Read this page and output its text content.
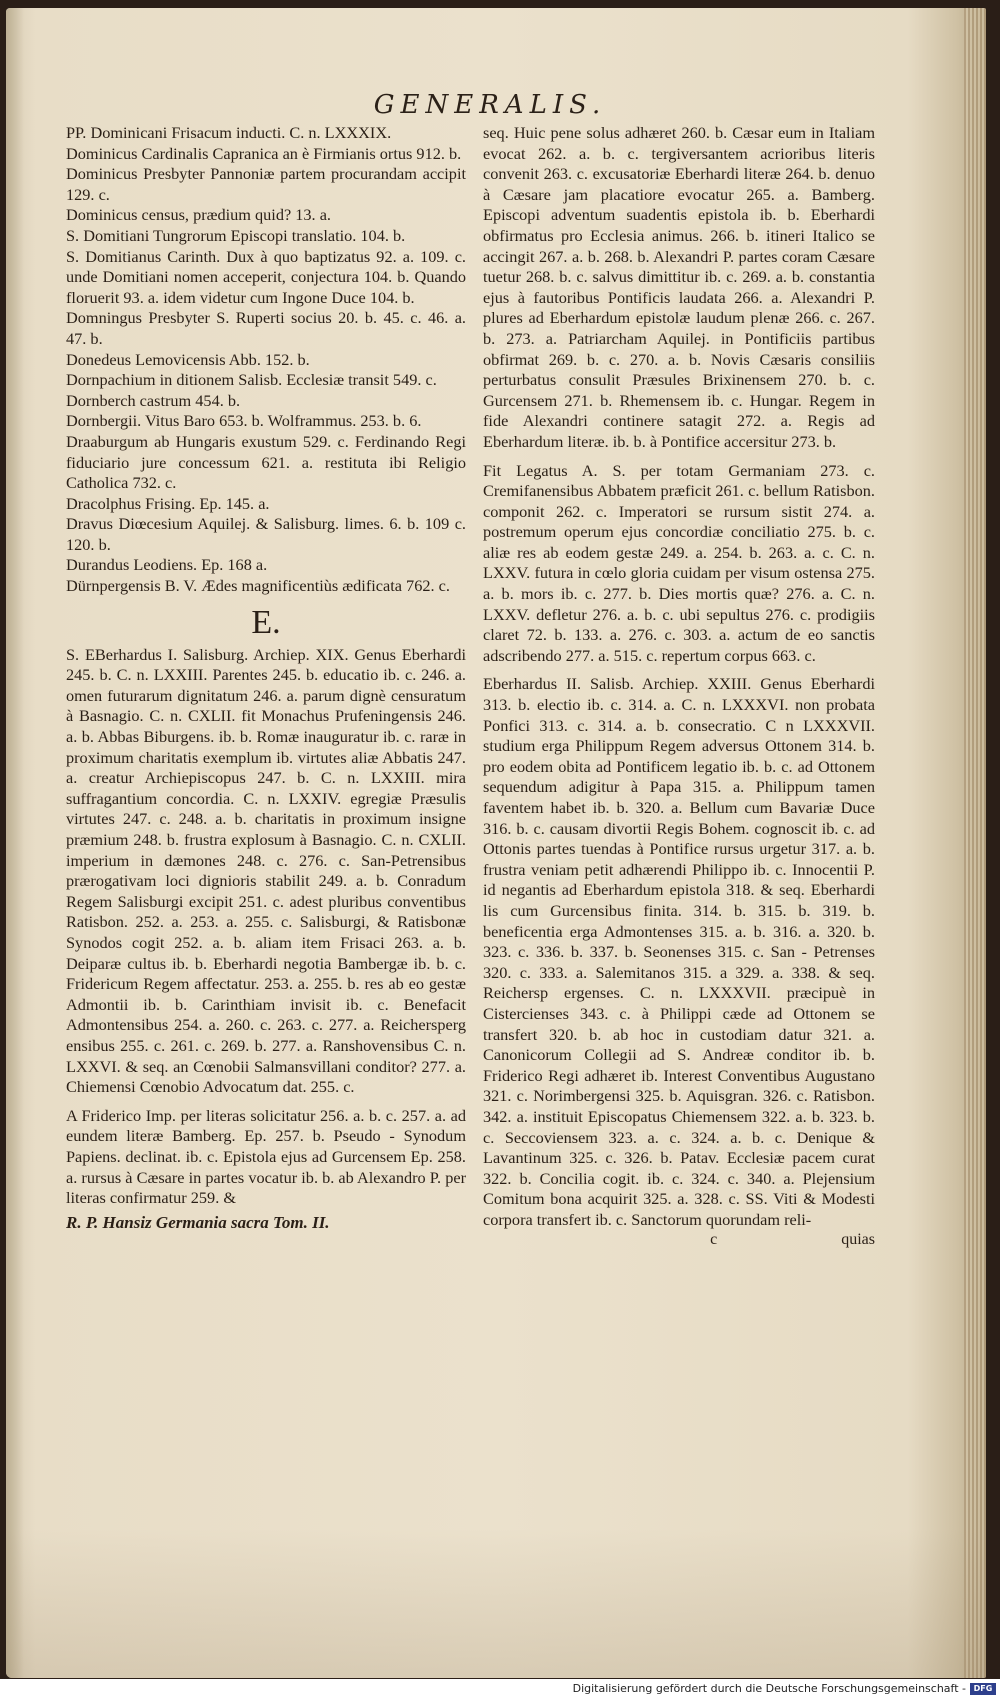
GENERALIS.

PP. Dominicani Frisacum inducti. C. n. LXXXIX.

Dominicus Cardinalis Capranica an è Firmianis ortus 912. b.

Dominicus Presbyter Pannoniæ partem procurandam accipit 129. c.

Dominicus census, prædium quid? 13. a.

S. Domitiani Tungrorum Episcopi translatio. 104. b.

S. Domitianus Carinth. Dux à quo baptizatus 92. a. 109. c. unde Domitiani nomen acceperit, conjectura 104. b. Quando floruerit 93. a. idem videtur cum Ingone Duce 104. b.

Domningus Presbyter S. Ruperti socius 20. b. 45. c. 46. a. 47. b.

Donedeus Lemovicensis Abb. 152. b.

Dornpachium in ditionem Salisb. Ecclesiæ transit 549. c.

Dornberch castrum 454. b.

Dornbergii. Vitus Baro 653. b. Wolframmus. 253. b. 6.

Draaburgum ab Hungaris exustum 529. c. Ferdinando Regi fiduciario jure concessum 621. a. restituta ibi Religio Catholica 732. c.

Dracolphus Frising. Ep. 145. a.

Dravus Diœcesium Aquilej. & Salisburg. limes. 6. b. 109 c. 120. b.

Durandus Leodiens. Ep. 168 a.

Dürnpergensis B. V. Ædes magnificentiùs ædificata 762. c.

E.

S. EBerhardus I. Salisburg. Archiep. XIX. Genus Eberhardi 245. b. C. n. LXXIII. Parentes 245. b. educatio ib. c. 246. a. omen futurarum dignitatum 246. a. parum dignè censuratum à Basnagio. C. n. CXLII. fit Monachus Prufeningensis 246. a. b. Abbas Biburgens. ib. b. Romæ inauguratur ib. c. raræ in proximum charitatis exemplum ib. virtutes aliæ Abbatis 247. a. creatur Archiepiscopus 247. b. C. n. LXXIII. mira suffragantium concordia. C. n. LXXIV. egregiæ Præsulis virtutes 247. c. 248. a. b. charitatis in proximum insigne præmium 248. b. frustra explosum à Basnagio. C. n. CXLII. imperium in dæmones 248. c. 276. c. San-Petrensibus prærogativam loci dignioris stabilit 249. a. b. Conradum Regem Salisburgi excipit 251. c. adest pluribus conventibus Ratisbon. 252. a. 253. a. 255. c. Salisburgi, & Ratisbonæ Synodos cogit 252. a. b. aliam item Frisaci 263. a. b. Deiparæ cultus ib. b. Eberhardi negotia Bambergæ ib. b. c. Fridericum Regem affectatur. 253. a. 255. b. res ab eo gestæ Admontii ib. b. Carinthiam invisit ib. c. Benefacit Admontensibus 254. a. 260. c. 263. c. 277. a. Reichersperg ensibus 255. c. 261. c. 269. b. 277. a. Ranshovensibus C. n. LXXVI. & seq. an Cœnobii Salmansvillani conditor? 277. a. Chiemensi Cœnobio Advocatum dat. 255. c.

A Friderico Imp. per literas solicitatur 256. a. b. c. 257. a. ad eundem literæ Bamberg. Ep. 257. b. Pseudo - Synodum Papiens. declinat. ib. c. Epistola ejus ad Gurcensem Ep. 258. a. rursus à Cæsare in partes vocatur ib. b. ab Alexandro P. per literas confirmatur 259. &

R. P. Hansiz Germania sacra Tom. II.

seq. Huic pene solus adhæret 260. b. Cæsar eum in Italiam evocat 262. a. b. c. tergiversantem acrioribus literis convenit 263. c. excusatoriæ Eberhardi literæ 264. b. denuo à Cæsare jam placatiore evocatur 265. a. Bamberg. Episcopi adventum suadentis epistola ib. b. Eberhardi obfirmatus pro Ecclesia animus. 266. b. itineri Italico se accingit 267. a. b. 268. b. Alexandri P. partes coram Cæsare tuetur 268. b. c. salvus dimittitur ib. c. 269. a. b. constantia ejus à fautoribus Pontificis laudata 266. a. Alexandri P. plures ad Eberhardum epistolæ laudum plenæ 266. c. 267. b. 273. a. Patriarcham Aquilej. in Pontificiis partibus obfirmat 269. b. c. 270. a. b. Novis Cæsaris consiliis perturbatus consulit Præsules Brixinensem 270. b. c. Gurcensem 271. b. Rhemensem ib. c. Hungar. Regem in fide Alexandri continere satagit 272. a. Regis ad Eberhardum literæ. ib. b. à Pontifice accersitur 273. b.

Fit Legatus A. S. per totam Germaniam 273. c. Cremifanensibus Abbatem præficit 261. c. bellum Ratisbon. componit 262. c. Imperatori se rursum sistit 274. a. postremum operum ejus concordiæ conciliatio 275. b. c. aliæ res ab eodem gestæ 249. a. 254. b. 263. a. c. C. n. LXXV. futura in cœlo gloria cuidam per visum ostensa 275. a. b. mors ib. c. 277. b. Dies mortis quæ? 276. a. C. n. LXXV. defletur 276. a. b. c. ubi sepultus 276. c. prodigiis claret 72. b. 133. a. 276. c. 303. a. actum de eo sanctis adscribendo 277. a. 515. c. repertum corpus 663. c.

Eberhardus II. Salisb. Archiep. XXIII. Genus Eberhardi 313. b. electio ib. c. 314. a. C. n. LXXXVI. non probata Ponfici 313. c. 314. a. b. consecratio. C n LXXXVII. studium erga Philippum Regem adversus Ottonem 314. b. pro eodem obita ad Pontificem legatio ib. b. c. ad Ottonem sequendum adigitur à Papa 315. a. Philippum tamen faventem habet ib. b. 320. a. Bellum cum Bavariæ Duce 316. b. c. causam divortii Regis Bohem. cognoscit ib. c. ad Ottonis partes tuendas à Pontifice rursus urgetur 317. a. b. frustra veniam petit adhærendi Philippo ib. c. Innocentii P. id negantis ad Eberhardum epistola 318. & seq. Eberhardi lis cum Gurcensibus finita. 314. b. 315. b. 319. b. beneficentia erga Admontenses 315. a. b. 316. a. 320. b. 323. c. 336. b. 337. b. Seonenses 315. c. San - Petrenses 320. c. 333. a. Salemitanos 315. a 329. a. 338. & seq. Reichersp ergenses. C. n. LXXXVII. præcipuè in Cistercienses 343. c. à Philippi cæde ad Ottonem se transfert 320. b. ab hoc in custodiam datur 321. a. Canonicorum Collegii ad S. Andreæ conditor ib. b. Friderico Regi adhæret ib. Interest Conventibus Augustano 321. c. Norimbergensi 325. b. Aquisgran. 326. c. Ratisbon. 342. a. instituit Episcopatus Chiemensem 322. a. b. 323. b. c. Seccoviensem 323. a. c. 324. a. b. c. Denique & Lavantinum 325. c. 326. b. Patav. Ecclesiæ pacem curat 322. b. Concilia cogit. ib. c. 324. c. 340. a. Plejensium Comitum bona acquirit 325. a. 328. c. SS. Viti & Modesti corpora transfert ib. c. Sanctorum quorundam reli-

c	quias
Digitalisierung gefördert durch die Deutsche Forschungsgemeinschaft - DFG
